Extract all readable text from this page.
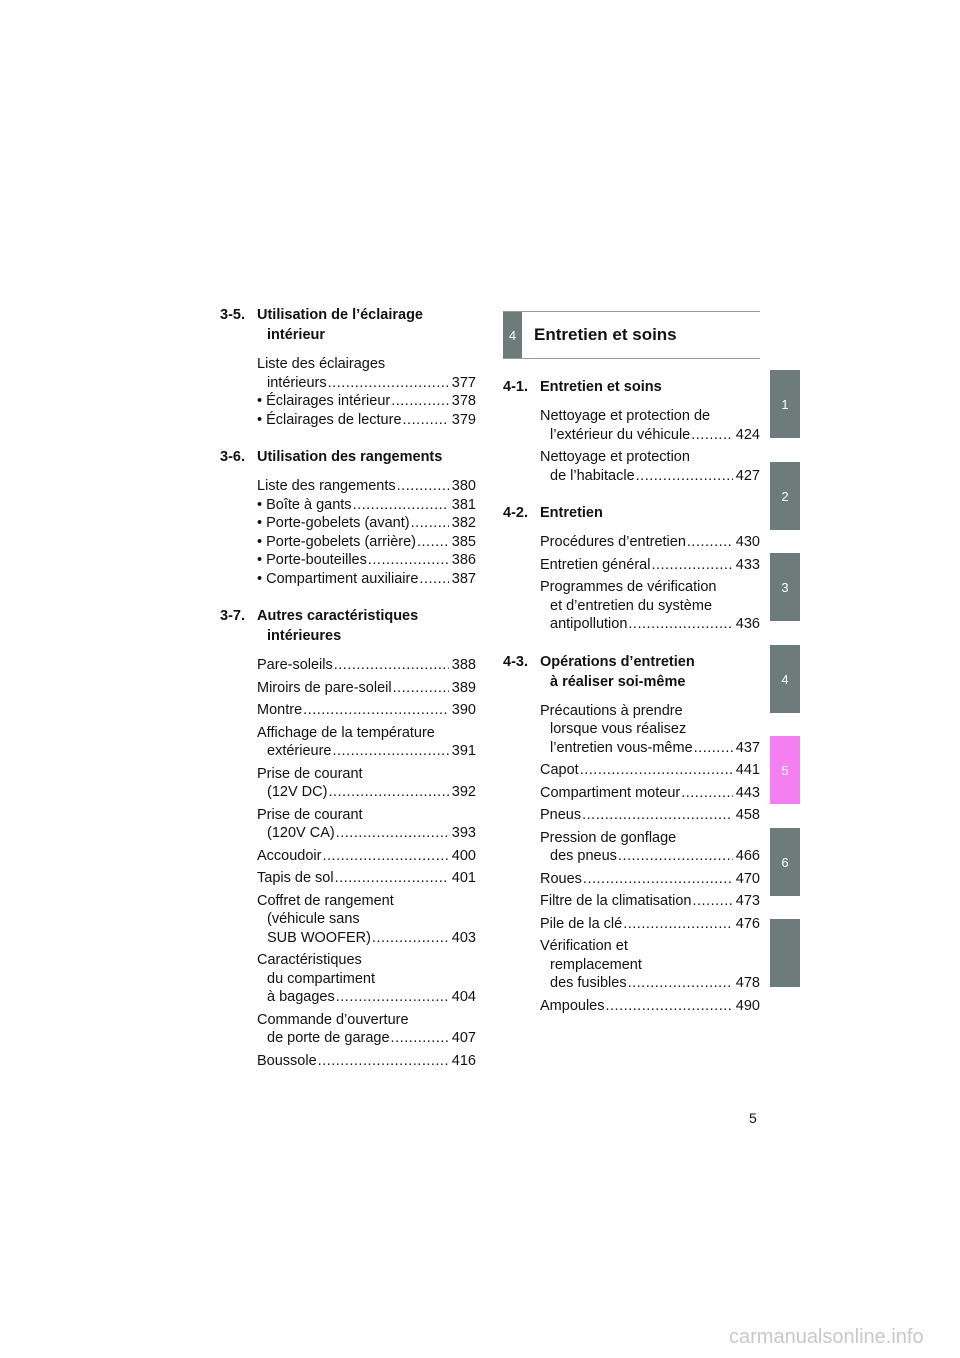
3-5. Utilisation de l’éclairage
intérieur
Liste des éclairages
intérieurs .....	377
• Éclairages intérieur .....	378
• Éclairages de lecture .....	379
3-6. Utilisation des rangements
Liste des rangements .....	380
• Boîte à gants .....	381
• Porte-gobelets (avant) .....	382
• Porte-gobelets (arrière) ..... 385
• Porte-bouteilles .....	386
• Compartiment auxiliaire ..... 387
3-7. Autres caractéristiques
intérieures
Pare-soleils .....	388
Miroirs de pare-soleil .....	389
Montre .....	390
Affichage de la température
extérieure .....	391
Prise de courant
(12V DC) .....	392
Prise de courant
(120V CA) .....	393
Accoudoir .....	400
Tapis de sol .....	401
Coffret de rangement
(véhicule sans
SUB WOOFER) .....	403
Caractéristiques
du compartiment
à bagages .....	404
Commande d’ouverture
de porte de garage .....	407
Boussole .....	416
4	Entretien et soins
4-1. Entretien et soins
Nettoyage et protection de
l’extérieur du véhicule .....	424
Nettoyage et protection
de l’habitacle .....	427
4-2. Entretien
Procédures d’entretien .....	430
Entretien général .....	433
Programmes de vérification
et d’entretien du système
antipollution .....	436
4-3. Opérations d’entretien
à réaliser soi-même
Précautions à prendre
lorsque vous réalisez
l’entretien vous-même .....	437
Capot .....	441
Compartiment moteur .....	443
Pneus .....	458
Pression de gonflage
des pneus .....	466
Roues .....	470
Filtre de la climatisation .....	473
Pile de la clé .....	476
Vérification et
remplacement
des fusibles .....	478
Ampoules .....	490
1
2
3
4
5
6
5
carmanualsonline.info
